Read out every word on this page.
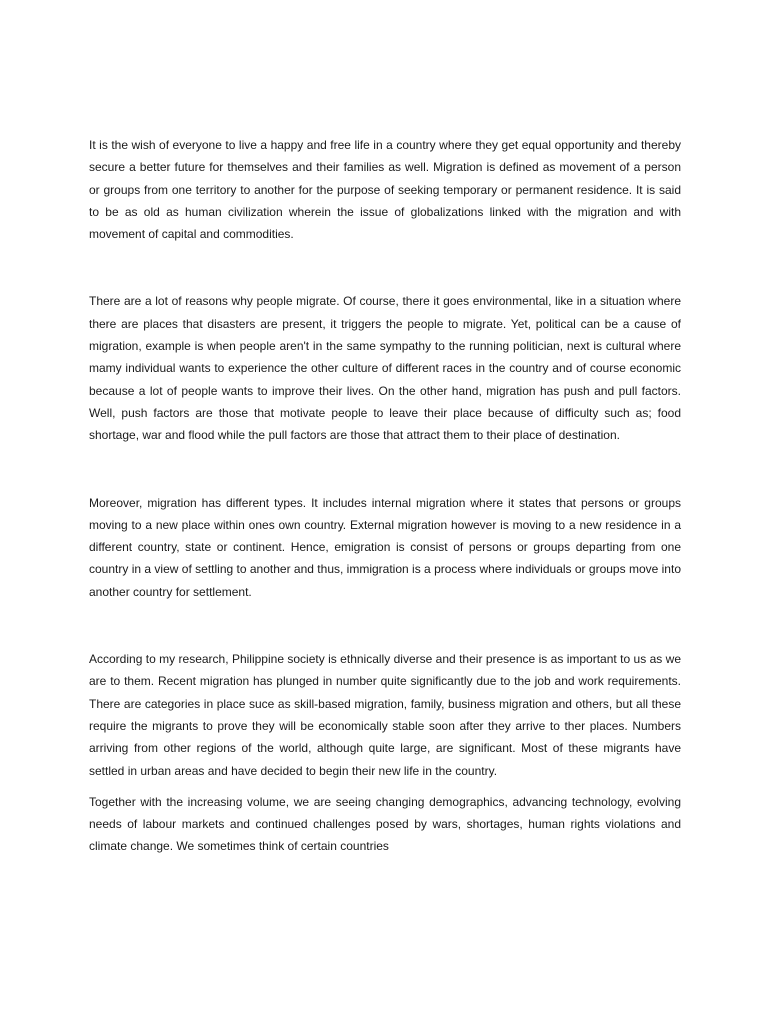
It is the wish of everyone to live a happy and free life in a country where they get equal opportunity and thereby secure a better future for themselves and their families as well. Migration is defined as movement of a person or groups from one territory to another for the purpose of seeking temporary or permanent residence. It is said to be as old as human civilization wherein the issue of globalizations linked with the migration and with movement of capital and commodities.

There are a lot of reasons why people migrate. Of course, there it goes environmental, like in a situation where there are places that disasters are present, it triggers the people to migrate. Yet, political can be a cause of migration, example is when people aren't in the same sympathy to the running politician, next is cultural where mamy individual wants to experience the other culture of different races in the country and of course economic because a lot of people wants to improve their lives. On the other hand, migration has push and pull factors. Well, push factors are those that motivate people to leave their place because of difficulty such as; food shortage, war and flood while the pull factors are those that attract them to their place of destination.

Moreover, migration has different types. It includes internal migration where it states that persons or groups moving to a new place within ones own country. External migration however is moving to a new residence in a different country, state or continent. Hence, emigration is consist of persons or groups departing from one country in a view of settling to another and thus, immigration is a process where individuals or groups move into another country for settlement.

According to my research, Philippine society is ethnically diverse and their presence is as important to us as we are to them. Recent migration has plunged in number quite significantly due to the job and work requirements. There are categories in place suce as skill-based migration, family, business migration and others, but all these require the migrants to prove they will be economically stable soon after they arrive to ther places. Numbers arriving from other regions of the world, although quite large, are significant. Most of these migrants have settled in urban areas and have decided to begin their new life in the country.

Together with the increasing volume, we are seeing changing demographics, advancing technology, evolving needs of labour markets and continued challenges posed by wars, shortages, human rights violations and climate change. We sometimes think of certain countries
